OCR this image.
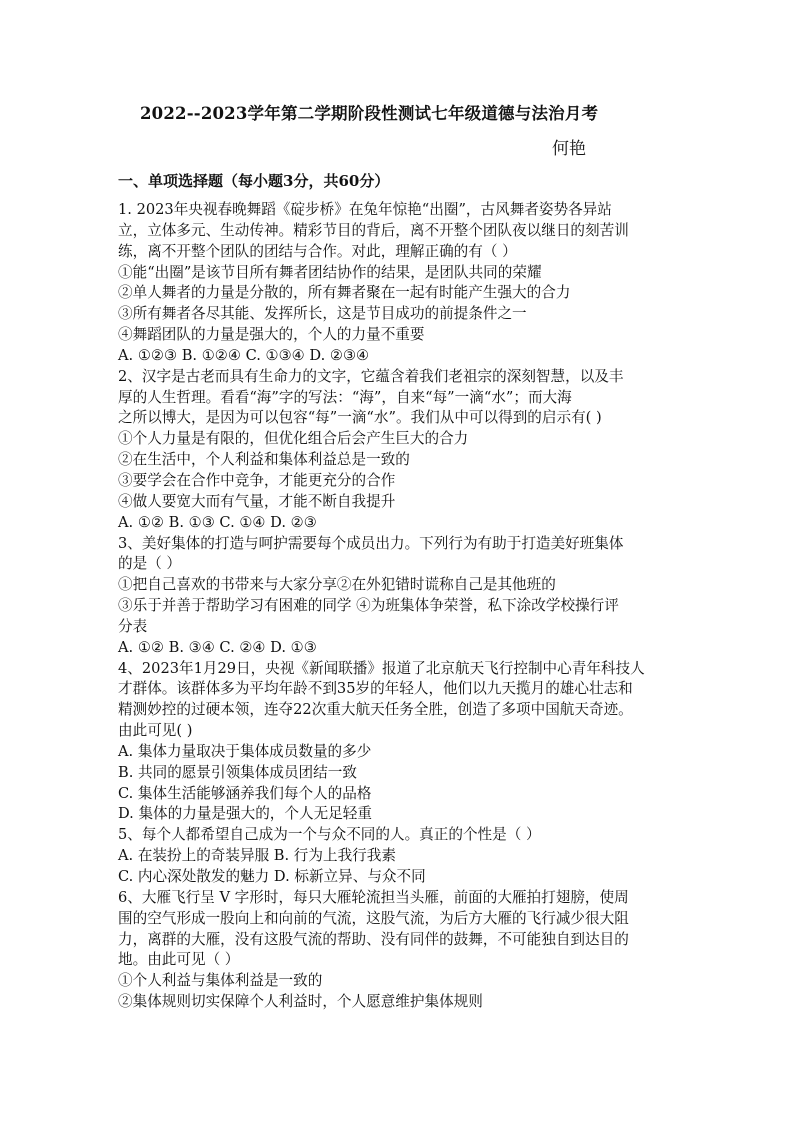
2022--2023学年第二学期阶段性测试七年级道德与法治月考
何艳
一、单项选择题（每小题3分，共60分）
1. 2023年央视春晚舞蹈《碇步桥》在兔年惊艳“出圈”，古风舞者姿势各异站
立，立体多元、生动传神。精彩节目的背后，离不开整个团队夜以继日的刻苦训
练，离不开整个团队的团结与合作。对此，理解正确的有（ ）
①能“出圈”是该节目所有舞者团结协作的结果，是团队共同的荣耀
②单人舞者的力量是分散的，所有舞者聚在一起有时能产生强大的合力
③所有舞者各尽其能、发挥所长，这是节目成功的前提条件之一
④舞蹈团队的力量是强大的，个人的力量不重要
A. ①②③ B. ①②④ C. ①③④ D. ②③④
2、汉字是古老而具有生命力的文字，它蕴含着我们老祖宗的深刻智慧，以及丰
厚的人生哲理。看看“海”字的写法：“海”，自来“每”一滴“水”；而大海
之所以博大，是因为可以包容“每”一滴“水”。我们从中可以得到的启示有( )
①个人力量是有限的，但优化组合后会产生巨大的合力
②在生活中，个人利益和集体利益总是一致的
③要学会在合作中竞争，才能更充分的合作
④做人要宽大而有气量，才能不断自我提升
A. ①② B. ①③ C. ①④ D. ②③
3、美好集体的打造与呵护需要每个成员出力。下列行为有助于打造美好班集体
的是（ ）
①把自己喜欢的书带来与大家分享②在外犯错时谎称自己是其他班的
③乐于并善于帮助学习有困难的同学 ④为班集体争荣誉，私下涂改学校操行评
分表
A. ①② B. ③④ C. ②④ D. ①③
4、2023年1月29日，央视《新闻联播》报道了北京航天飞行控制中心青年科技人
才群体。该群体多为平均年龄不到35岁的年轻人，他们以九天揽月的雄心壮志和
精测妙控的过硬本领，连夺22次重大航天任务全胜，创造了多项中国航天奇迹。
由此可见( )
A. 集体力量取决于集体成员数量的多少
B. 共同的愿景引领集体成员团结一致
C. 集体生活能够涵养我们每个人的品格
D. 集体的力量是强大的，个人无足轻重
5、每个人都希望自己成为一个与众不同的人。真正的个性是（ ）
A. 在装扮上的奇装异服 B. 行为上我行我素
C. 内心深处散发的魅力 D. 标新立异、与众不同
6、大雁飞行呈 V 字形时，每只大雁轮流担当头雁，前面的大雁拍打翅膀，使周
围的空气形成一股向上和向前的气流，这股气流，为后方大雁的飞行减少很大阻
力，离群的大雁，没有这股气流的帮助、没有同伴的鼓舞，不可能独自到达目的
地。由此可见（ ）
①个人利益与集体利益是一致的
②集体规则切实保障个人利益时，个人愿意维护集体规则
